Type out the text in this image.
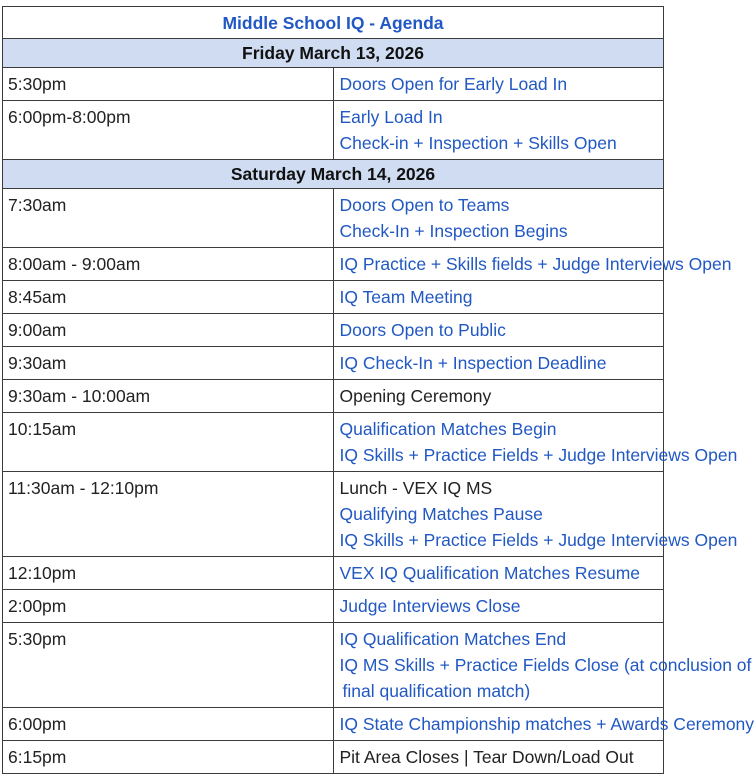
Middle School IQ - Agenda	
Friday March 13, 2026	
5:30pm	Doors Open for Early Load In

6:00pm-8:00pm	Early Load In
Check-in + Inspection + Skills Open

Saturday March 14, 2026	
7:30am	Doors Open to Teams
Check-In + Inspection Begins

8:00am - 9:00am	IQ Practice + Skills fields + Judge Interviews Open

8:45am	IQ Team Meeting

9:00am	Doors Open to Public

9:30am	IQ Check-In + Inspection Deadline

9:30am - 10:00am	Opening Ceremony

10:15am	Qualification Matches Begin
IQ Skills + Practice Fields + Judge Interviews Open

11:30am - 12:10pm	Lunch - VEX IQ MS
Qualifying Matches Pause
IQ Skills + Practice Fields + Judge Interviews Open

12:10pm	VEX IQ Qualification Matches Resume

2:00pm	Judge Interviews Close

5:30pm	IQ Qualification Matches End
IQ MS Skills + Practice Fields Close (at conclusion of
final qualification match)

6:00pm	IQ State Championship matches + Awards Ceremony

6:15pm	Pit Area Closes | Tear Down/Load Out
